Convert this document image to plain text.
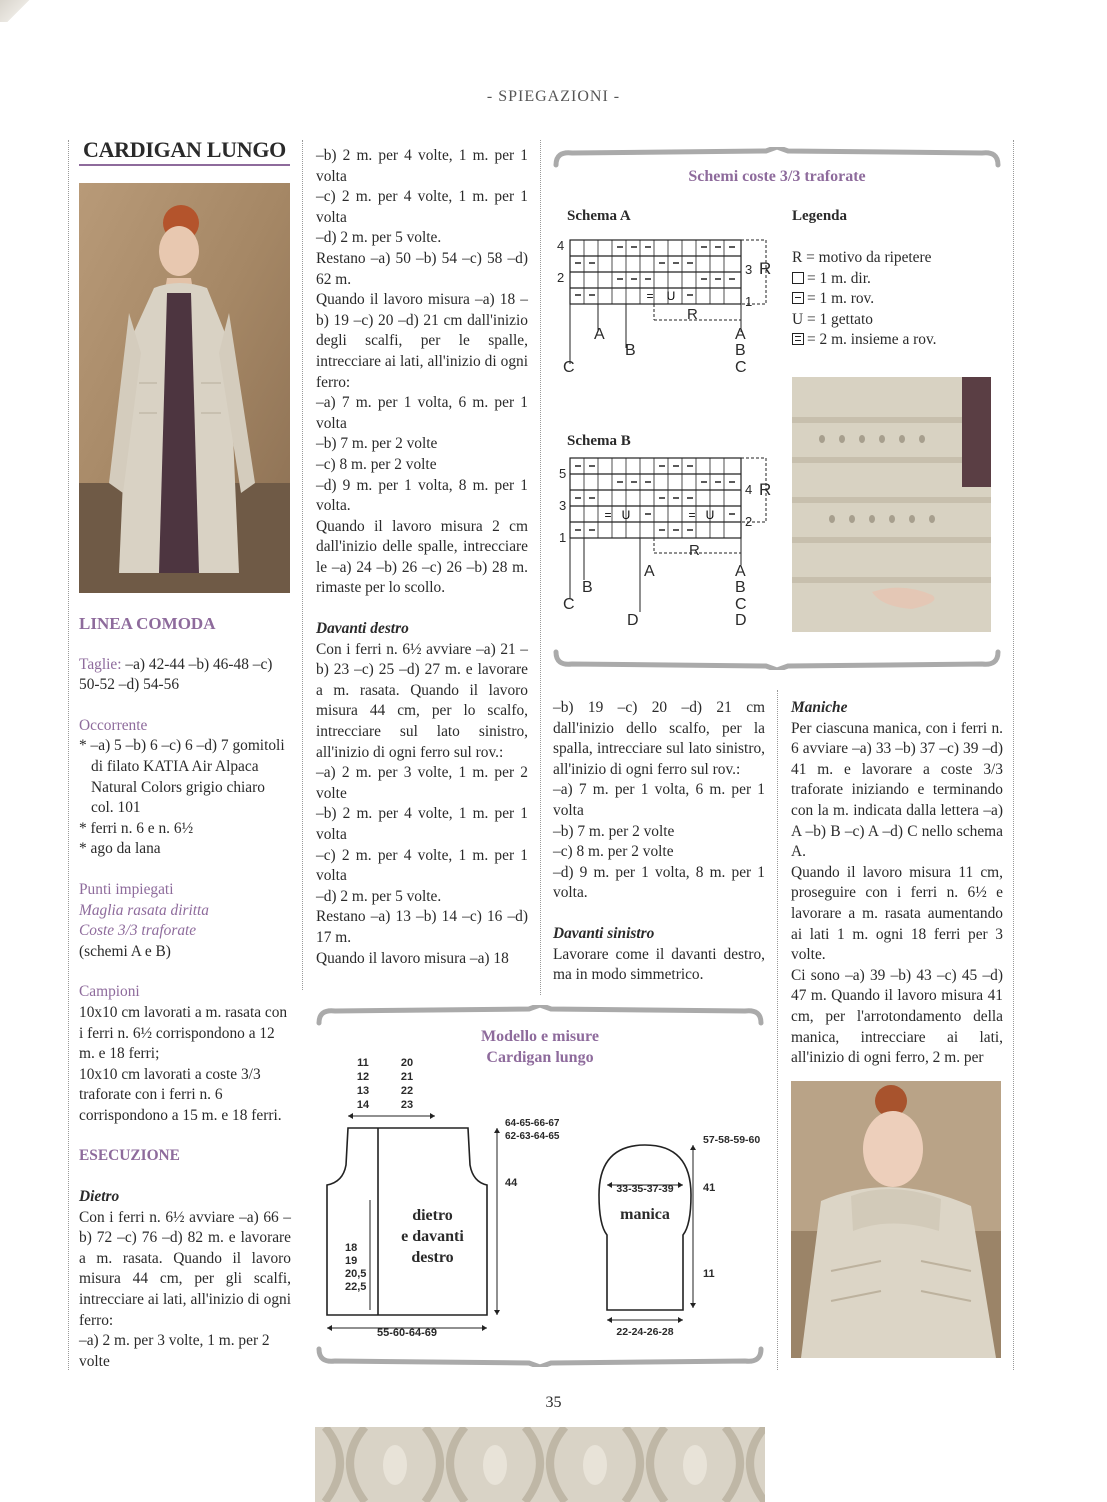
- SPIEGAZIONI -
CARDIGAN LUNGO

LINEA COMODA

Taglie: –a) 42-44 –b) 46-48 –c) 50-52 –d) 54-56

Occorrente

* –a) 5 –b) 6 –c) 6 –d) 7 gomitoli di filato KATIA Air Alpaca Natural Colors grigio chiaro col. 101

* ferri n. 6 e n. 6½

* ago da lana

Punti impiegati

Maglia rasata diritta

Coste 3/3 traforate

(schemi A e B)

Campioni

10x10 cm lavorati a m. rasata con i ferri n. 6½ corrispondono a 12 m. e 18 ferri;

10x10 cm lavorati a coste 3/3 traforate con i ferri n. 6 corrispondono a 15 m. e 18 ferri.

ESECUZIONE

Dietro

Con i ferri n. 6½ avviare –a) 66 –b) 72 –c) 76 –d) 82 m. e lavorare a m. rasata. Quando il lavoro misura 44 cm, per gli scalfi, intrecciare ai lati, all'inizio di ogni ferro:

–a) 2 m. per 3 volte, 1 m. per 2 volte

–b) 2 m. per 4 volte, 1 m. per 1 volta

–c) 2 m. per 4 volte, 1 m. per 1 volta

–d) 2 m. per 5 volte.

Restano –a) 50 –b) 54 –c) 58 –d) 62 m.

Quando il lavoro misura –a) 18 –b) 19 –c) 20 –d) 21 cm dall'inizio degli scalfi, per le spalle, intrecciare ai lati, all'inizio di ogni ferro:

–a) 7 m. per 1 volta, 6 m. per 1 volta

–b) 7 m. per 2 volte

–c) 8 m. per 2 volte

–d) 9 m. per 1 volta, 8 m. per 1 volta.

Quando il lavoro misura 2 cm dall'inizio delle spalle, intrecciare le –a) 24 –b) 26 –c) 26 –b) 28 m. rimaste per lo scollo.

Davanti destro

Con i ferri n. 6½ avviare –a) 21 –b) 23 –c) 25 –d) 27 m. e lavorare a m. rasata. Quando il lavoro misura 44 cm, per lo scalfo, intrecciare sul lato sinistro, all'inizio di ogni ferro sul rov.:

–a) 2 m. per 3 volte, 1 m. per 2 volte

–b) 2 m. per 4 volte, 1 m. per 1 volta

–c) 2 m. per 4 volte, 1 m. per 1 volta

–d) 2 m. per 5 volte.

Restano –a) 13 –b) 14 –c) 16 –d) 17 m.

Quando il lavoro misura –a) 18

Schemi coste 3/3 traforate
Schema A
Schema B
= U
4
2
3
1
R
R
A	A
B	B
C	C
= U	= U
5
3
1
4
2
R
R
A	A
B	B
C	C
D	D
Legenda

R = motivo da ripetere

= 1 m. dir.

= 1 m. rov.

U = 1 gettato

= 2 m. insieme a rov.

–b) 19 –c) 20 –d) 21 cm dall'inizio dello scalfo, per la spalla, intrecciare sul lato sinistro, all'inizio di ogni ferro sul rov.:

–a) 7 m. per 1 volta, 6 m. per 1 volta

–b) 7 m. per 2 volte

–c) 8 m. per 2 volte

–d) 9 m. per 1 volta, 8 m. per 1 volta.

Davanti sinistro

Lavorare come il davanti destro, ma in modo simmetrico.

Maniche

Per ciascuna manica, con i ferri n. 6 avviare –a) 33 –b) 37 –c) 39 –d) 41 m. e lavorare a coste 3/3 traforate iniziando e terminando con la m. indicata dalla lettera –a) A –b) B –c) A –d) C nello schema A.

Quando il lavoro misura 11 cm, proseguire con i ferri n. 6½ e lavorare a m. rasata aumentando ai lati 1 m. ogni 18 ferri per 3 volte.

Ci sono –a) 39 –b) 43 –c) 45 –d) 47 m. Quando il lavoro misura 41 cm, per l'arrotondamento della manica, intrecciare ai lati, all'inizio di ogni ferro, 2 m. per

Modello e misure
Cardigan lungo
11
12
13
14
20
21
22
23
64-65-66-67
62-63-64-65
44
18
19
20,5
22,5
dietro
e davanti
destro
55-60-64-69
57-58-59-60
33-35-37-39
manica
41
11
22-24-26-28
35
